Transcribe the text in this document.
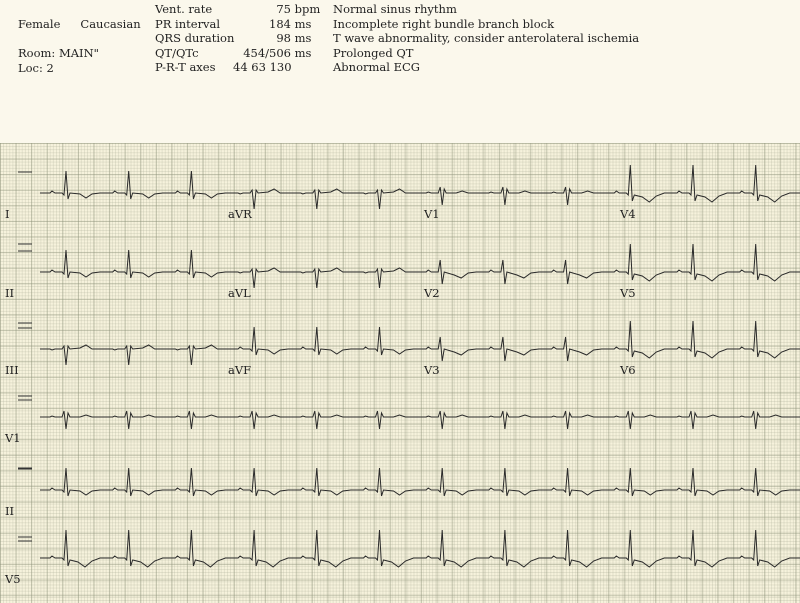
Female Caucasian
Room: MAIN"
Loc: 2
Vent. rate	75 bpm
PR interval	184 ms
QRS duration	98 ms
QT/QTc	454/506 ms
P-R-T axes 44 63 130
Normal sinus rhythm
Incomplete right bundle branch block
T wave abnormality, consider anterolateral ischemia
Prolonged QT
Abnormal ECG
I	aVR	V1	V4
II	aVL	V2	V5
III	aVF	V3	V6
V1
II
V5
